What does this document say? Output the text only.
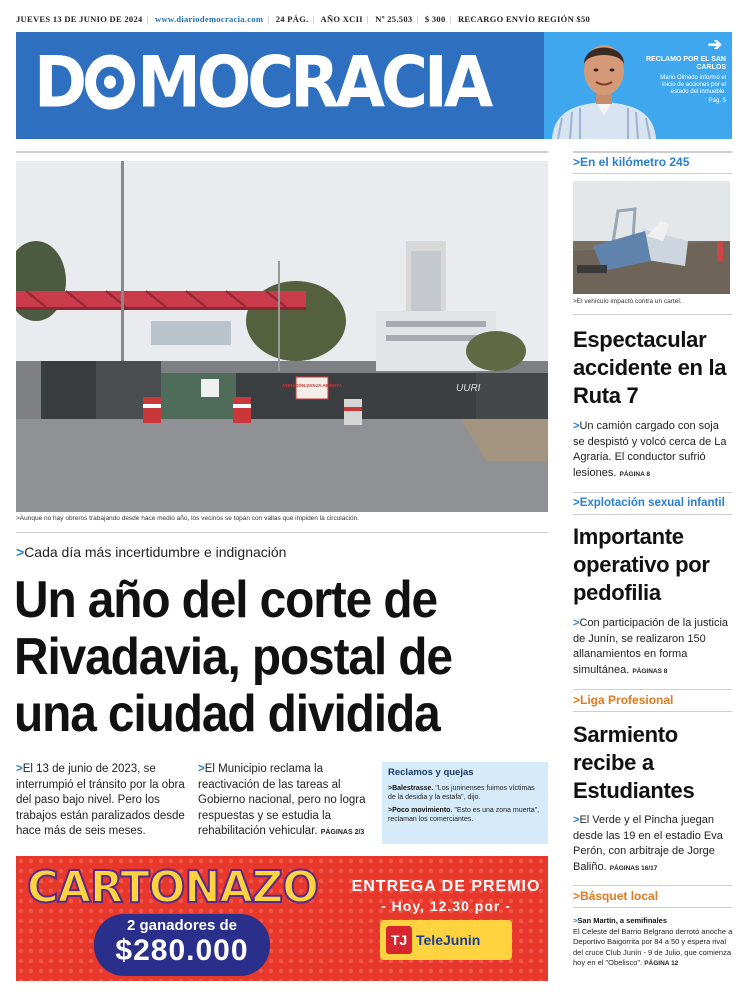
JUEVES 13 DE JUNIO DE 2024 | www.diariodemocracia.com | 24 PÁG. | AÑO XCII | Nº 25.503 | $ 300 | RECARGO ENVÍO REGIÓN $50
D MOCRACIA	➔
RECLAMO POR EL SAN CARLOS
Mario Olmedo informó el inicio de acciones por el estado del inmueble.
Pág. 5
ATENCIÓN ZANJA ABIERTA	UURI
>Aunque no hay obreros trabajando desde hace medio año, los vecinos se topan con vallas que impiden la circulación.
>Cada día más incertidumbre e indignación
Un año del corte de Rivadavia, postal de una ciudad dividida
>El 13 de junio de 2023, se interrumpió el tránsito por la obra del paso bajo nivel. Pero los trabajos están paralizados desde hace más de seis meses.
>El Municipio reclama la reactivación de las tareas al Gobierno nacional, pero no logra respuestas y se estudia la rehabilitación vehicular. PÁGINAS 2/3
Reclamos y quejas

>Balestrasse. "Los juninenses fuimos víctimas de la desidia y la estafa", dijo.

>Poco movimiento. "Esto es una zona muerta", reclaman los comerciantes.

CARTONAZO
2 ganadores de
$280.000
ENTREGA DE PREMIO
- Hoy, 12.30 por -
TJ TeleJunin
>En el kilómetro 245
>El vehículo impactó contra un cartel.
Espectacular accidente en la Ruta 7
>Un camión cargado con soja se despistó y volcó cerca de La Agraria. El conductor sufrió lesiones. PÁGINA 8
>Explotación sexual infantil
Importante operativo por pedofilia
>Con participación de la justicia de Junín, se realizaron 150 allanamientos en forma simultánea. PÁGINAS 8
>Liga Profesional
Sarmiento recibe a Estudiantes
>El Verde y el Pincha juegan desde las 19 en el estadio Eva Perón, con arbitraje de Jorge Baliño. PÁGINAS 16/17
>Básquet local
>San Martín, a semifinales
El Celeste del Barrio Belgrano derrotó anoche a Deportivo Baigorrita por 84 a 50 y espera rival del cruce Club Junín - 9 de Julio, que comienza hoy en el "Obelisco". PÁGINA 12
